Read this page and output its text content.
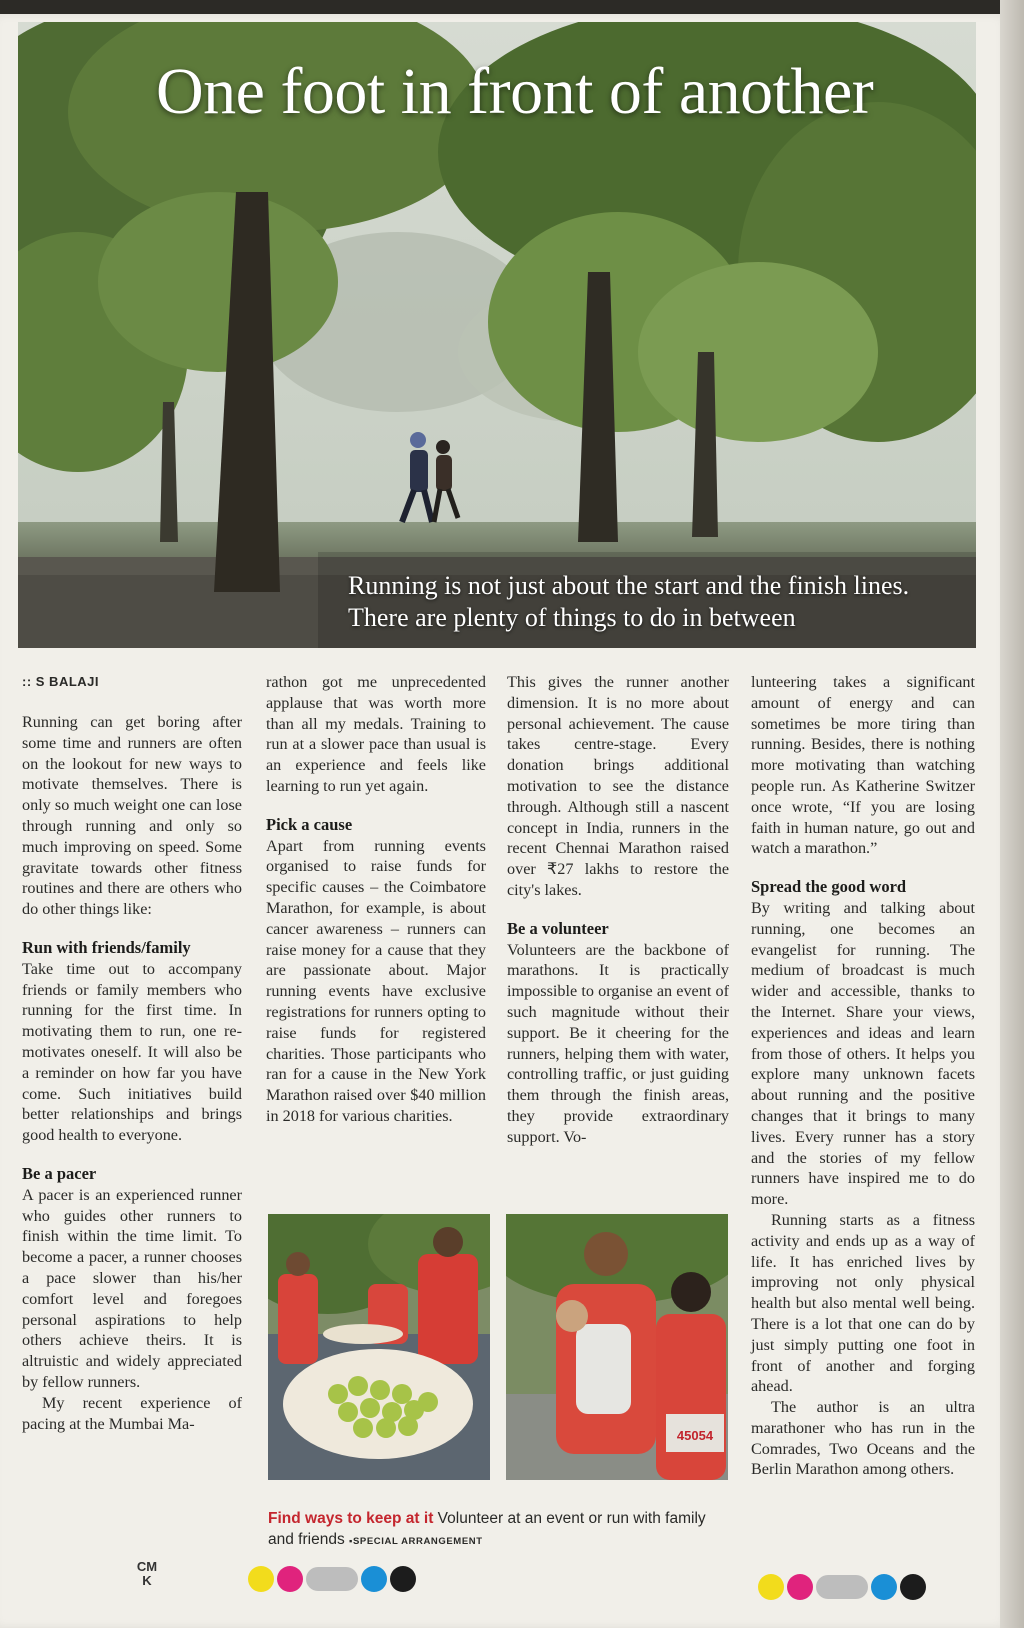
One foot in front of another
Running is not just about the start and the finish lines. There are plenty of things to do in between
:: S BALAJI

Running can get boring after some time and runners are often on the lookout for new ways to motivate themselves. There is only so much weight one can lose through running and only so much improving on speed. Some gravitate towards other fitness routines and there are others who do other things like:

Run with friends/family

Take time out to accompany friends or family members who running for the first time. In motivating them to run, one re-motivates oneself. It will also be a reminder on how far you have come. Such initiatives build better relationships and brings good health to everyone.

Be a pacer

A pacer is an experienced runner who guides other runners to finish within the time limit. To become a pacer, a runner chooses a pace slower than his/her comfort level and foregoes personal aspirations to help others achieve theirs. It is altruistic and widely appreciated by fellow runners.

My recent experience of pacing at the Mumbai Ma-

rathon got me unprecedented applause that was worth more than all my medals. Training to run at a slower pace than usual is an experience and feels like learning to run yet again.

Pick a cause

Apart from running events organised to raise funds for specific causes – the Coimbatore Marathon, for example, is about cancer awareness – runners can raise money for a cause that they are passionate about. Major running events have exclusive registrations for runners opting to raise funds for registered charities. Those participants who ran for a cause in the New York Marathon raised over $40 million in 2018 for various charities.

This gives the runner another dimension. It is no more about personal achievement. The cause takes centre-stage. Every donation brings additional motivation to see the distance through. Although still a nascent concept in India, runners in the recent Chennai Marathon raised over ₹27 lakhs to restore the city's lakes.

Be a volunteer

Volunteers are the backbone of marathons. It is practically impossible to organise an event of such magnitude without their support. Be it cheering for the runners, helping them with water, controlling traffic, or just guiding them through the finish areas, they provide extraordinary support. Vo-

lunteering takes a significant amount of energy and can sometimes be more tiring than running. Besides, there is nothing more motivating than watching people run. As Katherine Switzer once wrote, “If you are losing faith in human nature, go out and watch a marathon.”

Spread the good word

By writing and talking about running, one becomes an evangelist for running. The medium of broadcast is much wider and accessible, thanks to the Internet. Share your views, experiences and ideas and learn from those of others. It helps you explore many unknown facets about running and the positive changes that it brings to many lives. Every runner has a story and the stories of my fellow runners have inspired me to do more.

Running starts as a fitness activity and ends up as a way of life. It has enriched lives by improving not only physical health but also mental well being. There is a lot that one can do by just simply putting one foot in front of another and forging ahead.

The author is an ultra marathoner who has run in the Comrades, Two Oceans and the Berlin Marathon among others.

45054
Find ways to keep at it Volunteer at an event or run with family and friends ▪SPECIAL ARRANGEMENT
CM
K
